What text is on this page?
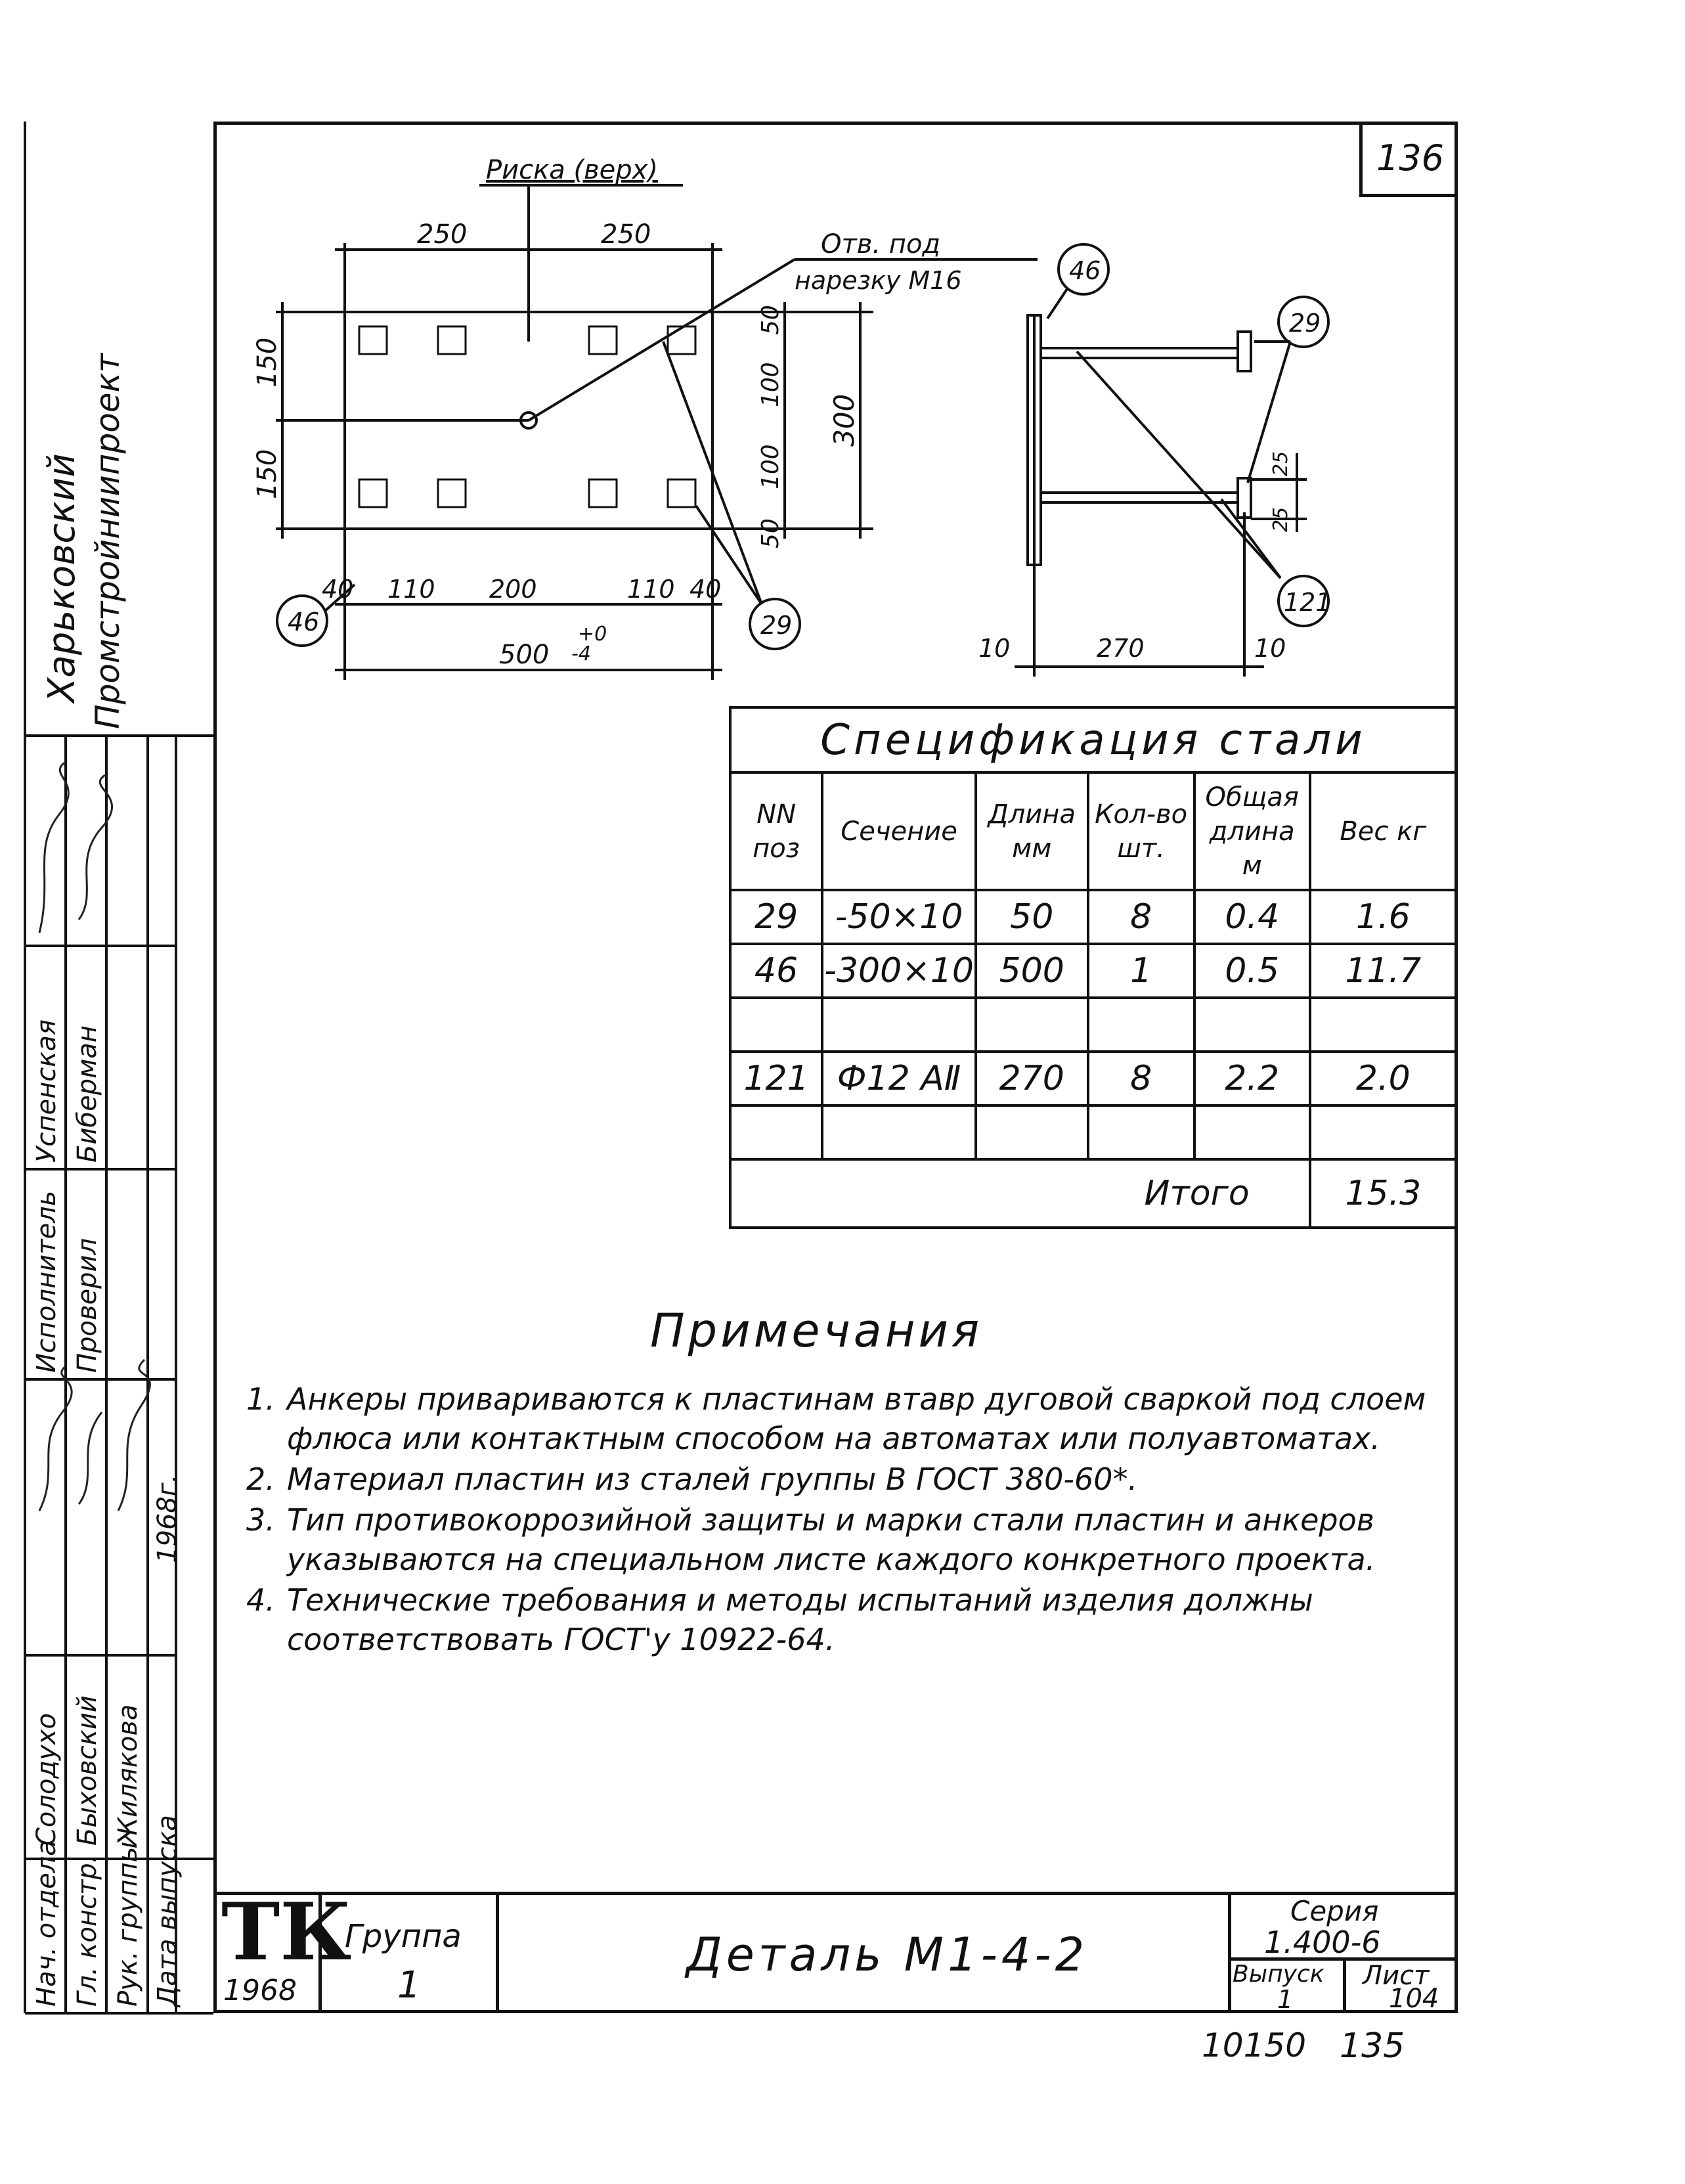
136
Риска (верх)
Отв. под
нарезку M16
250	250
150
150
50
100
100
50
300
40 110 200	110 40
500
+0
-4	10	270	10
25
25
46	29
46
29
121
Спецификация стали					
NN поз	Сечение	Длина мм	Кол-во шт.	Общая длина м	Вес кг
29	-50×10	50	8	0.4	1.6
46	-300×10	500	1	0.5	11.7

121	Ф12 AⅡ	270	8	2.2	2.0

Итого					15.3
Примечания
1. Анкеры привариваются к пластинам втавр дуговой сваркой под слоем флюса или контактным способом на автоматах или полуавтоматах.
2. Материал пластин из сталей группы В ГОСТ 380-60*.
3. Тип противокоррозийной защиты и марки стали пластин и анкеров указываются на специальном листе каждого конкретного проекта.
4. Технические требования и методы испытаний изделия должны соответствовать ГОСТ'у 10922-64.
Харьковский Промстройниипроект
Нач. отдела
Солодухо
Гл. констр.
Быховский
Рук. группы
Жилякова
Исполнитель
Успенская
Проверил
Биберман
Дата выпуска
1968г.
ТК
1968
Группа
1
Деталь M1-4-2
Серия
1.400-6
Выпуск
1
Лист
104
10150 135
